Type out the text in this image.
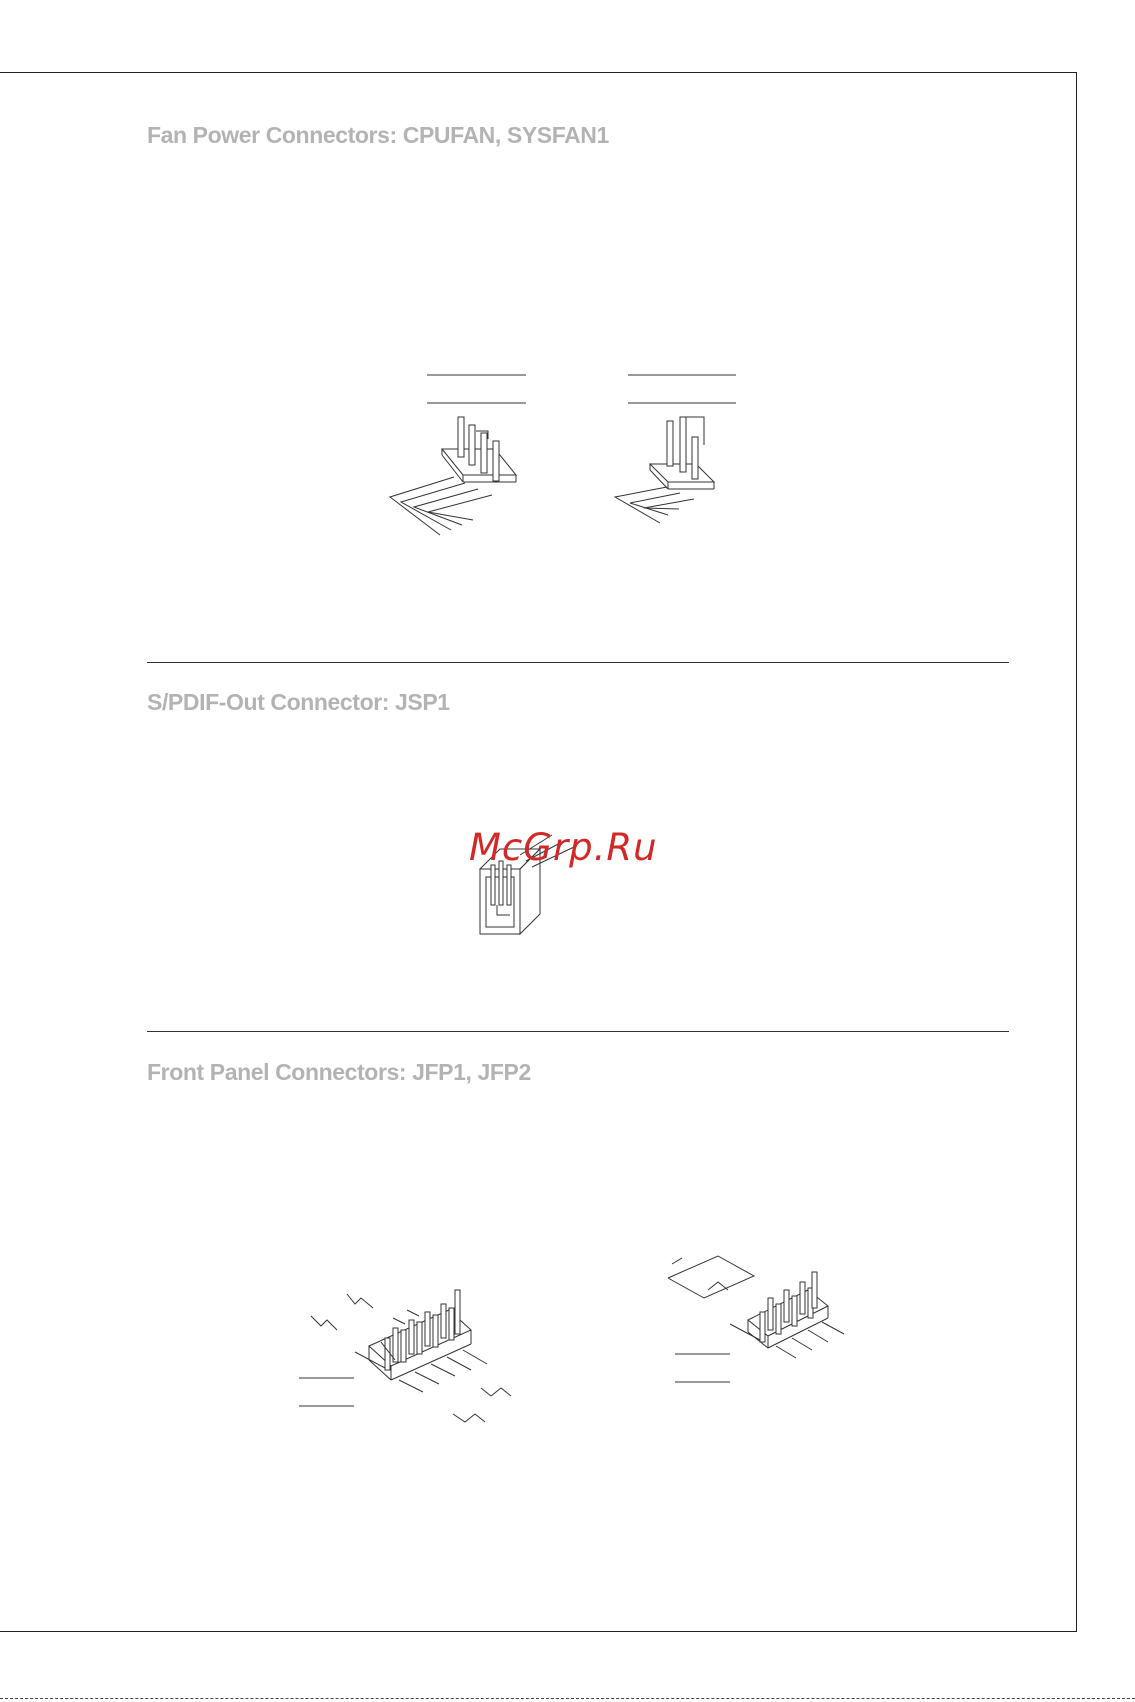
Fan Power Connectors: CPUFAN, SYSFAN1
S/PDIF-Out Connector: JSP1

McGrp.Ru

Front Panel Connectors: JFP1, JFP2
